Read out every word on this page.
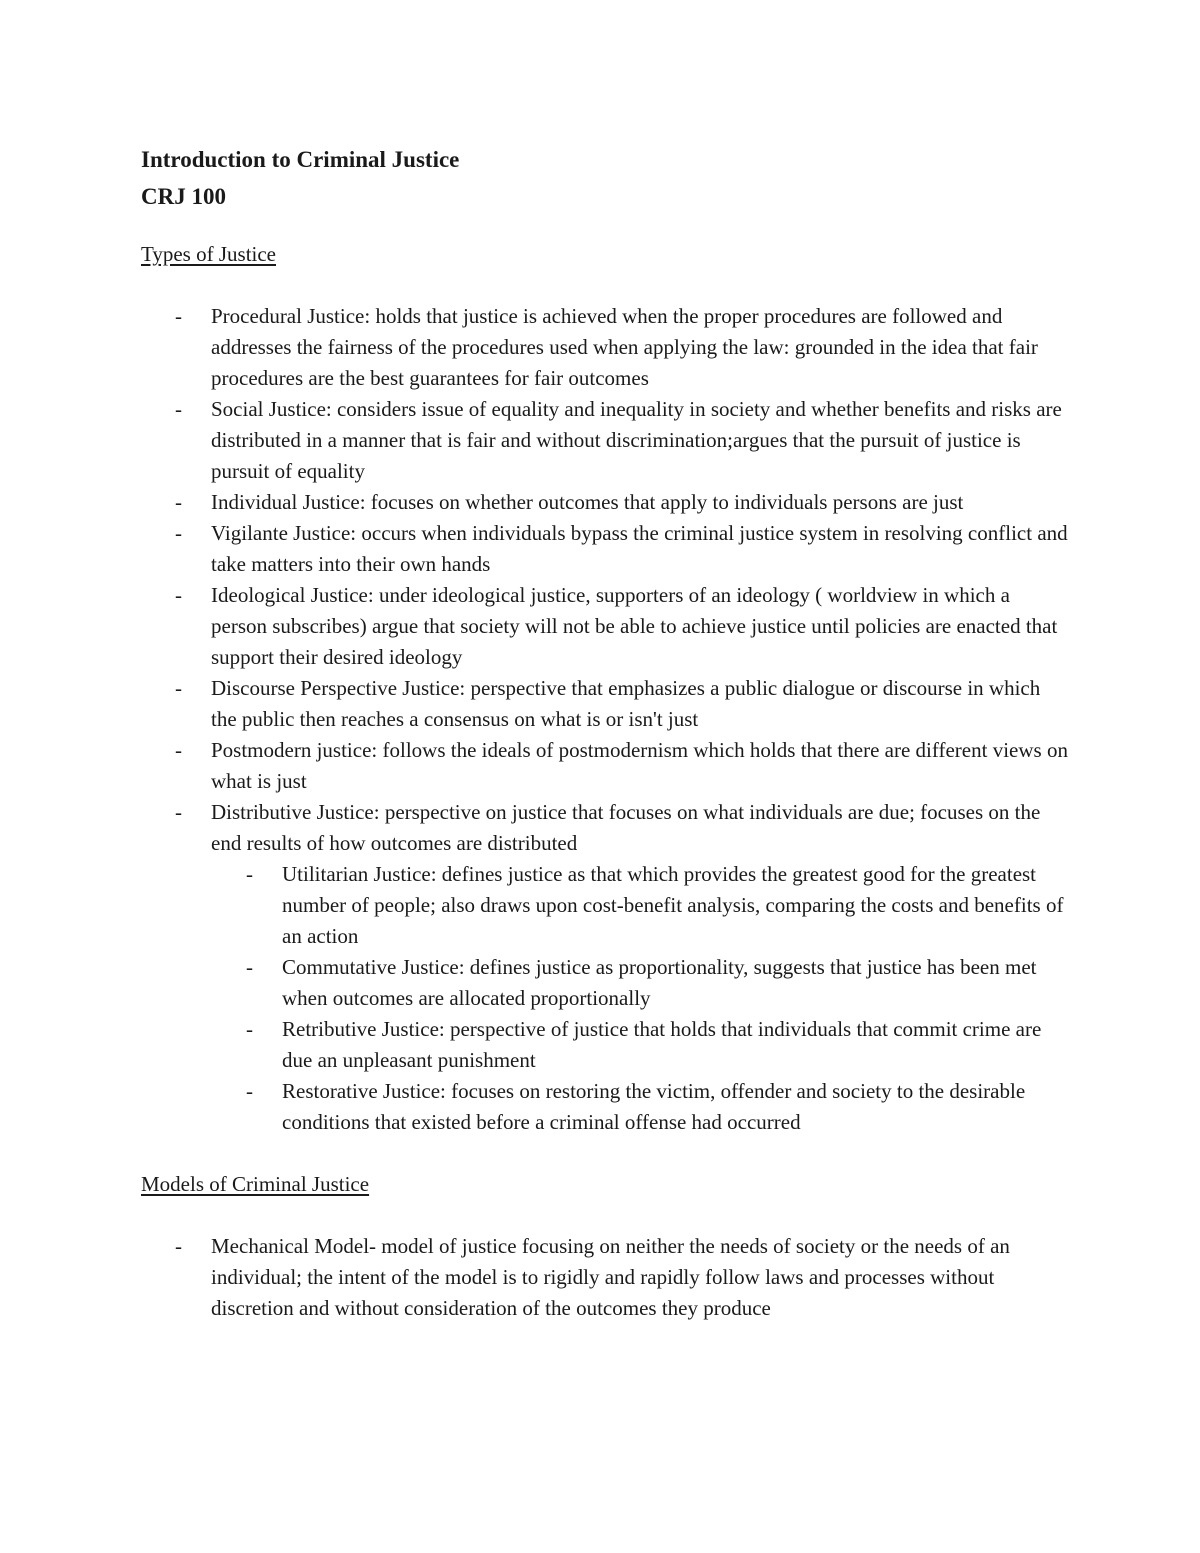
Introduction to Criminal Justice
CRJ 100
Types of Justice
- Procedural Justice: holds that justice is achieved when the proper procedures are followed and addresses the fairness of the procedures used when applying the law: grounded in the idea that fair procedures are the best guarantees for fair outcomes
- Social Justice: considers issue of equality and inequality in society and whether benefits and risks are distributed in a manner that is fair and without discrimination;argues that the pursuit of justice is pursuit of equality
- Individual Justice: focuses on whether outcomes that apply to individuals persons are just
- Vigilante Justice: occurs when individuals bypass the criminal justice system in resolving conflict and take matters into their own hands
- Ideological Justice: under ideological justice, supporters of an ideology ( worldview in which a person subscribes) argue that society will not be able to achieve justice until policies are enacted that support their desired ideology
- Discourse Perspective Justice: perspective that emphasizes a public dialogue or discourse in which the public then reaches a consensus on what is or isn't just
- Postmodern justice: follows the ideals of postmodernism which holds that there are different views on what is just
- Distributive Justice: perspective on justice that focuses on what individuals are due; focuses on the end results of how outcomes are distributed
- Utilitarian Justice: defines justice as that which provides the greatest good for the greatest number of people; also draws upon cost-benefit analysis, comparing the costs and benefits of an action
- Commutative Justice: defines justice as proportionality, suggests that justice has been met when outcomes are allocated proportionally
- Retributive Justice: perspective of justice that holds that individuals that commit crime are due an unpleasant punishment
- Restorative Justice: focuses on restoring the victim, offender and society to the desirable conditions that existed before a criminal offense had occurred
Models of Criminal Justice
- Mechanical Model- model of justice focusing on neither the needs of society or the needs of an individual; the intent of the model is to rigidly and rapidly follow laws and processes without discretion and without consideration of the outcomes they produce
